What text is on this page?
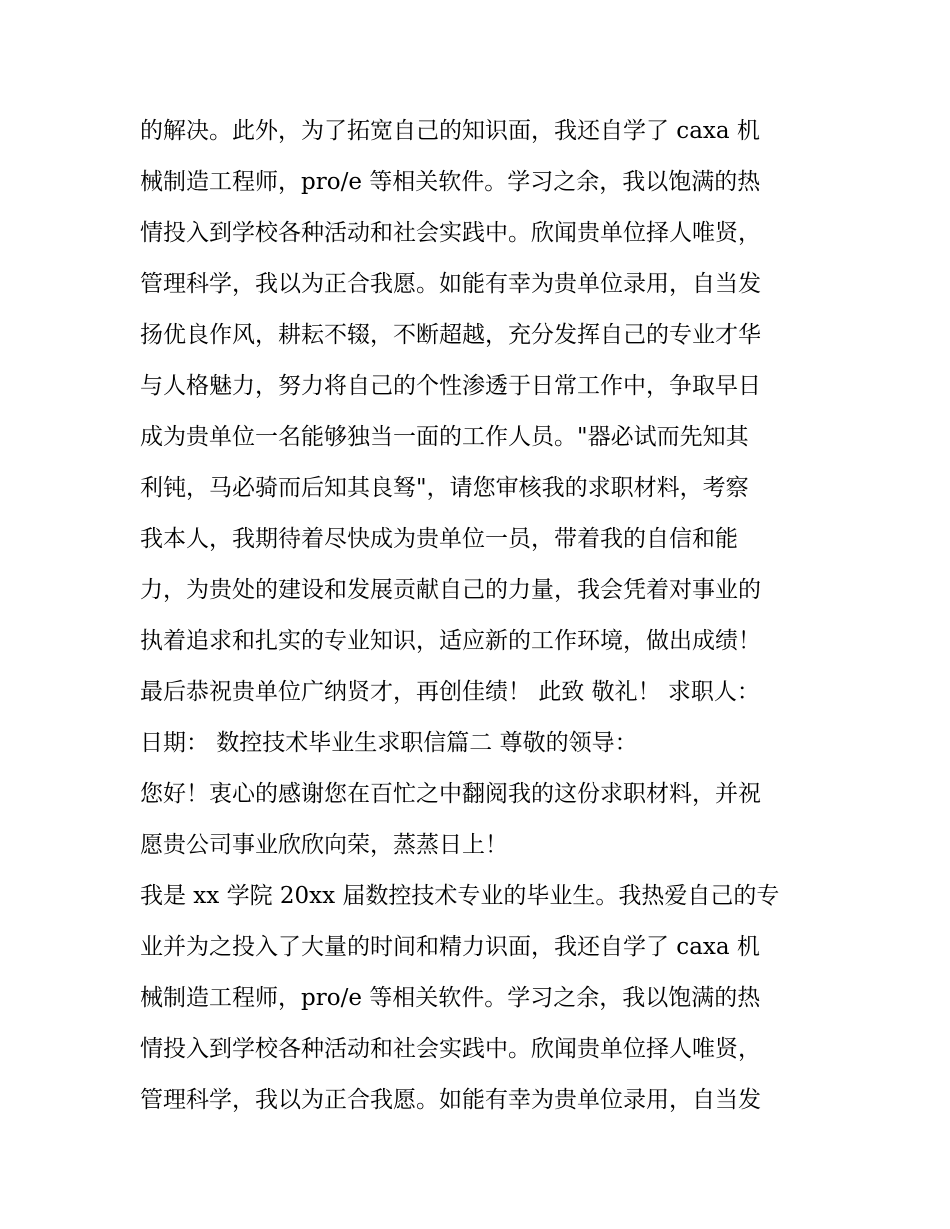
的解决。此外，为了拓宽自己的知识面，我还自学了 caxa 机
械制造工程师，pro/e 等相关软件。学习之余，我以饱满的热
情投入到学校各种活动和社会实践中。欣闻贵单位择人唯贤，
管理科学，我以为正合我愿。如能有幸为贵单位录用，自当发
扬优良作风，耕耘不辍，不断超越，充分发挥自己的专业才华
与人格魅力，努力将自己的个性渗透于日常工作中，争取早日
成为贵单位一名能够独当一面的工作人员。"器必试而先知其
利钝，马必骑而后知其良驽"，请您审核我的求职材料，考察
我本人，我期待着尽快成为贵单位一员，带着我的自信和能
力，为贵处的建设和发展贡献自己的力量，我会凭着对事业的
执着追求和扎实的专业知识，适应新的工作环境，做出成绩！
最后恭祝贵单位广纳贤才，再创佳绩！ 此致 敬礼！ 求职人：
日期： 数控技术毕业生求职信篇二 尊敬的领导：
您好！衷心的感谢您在百忙之中翻阅我的这份求职材料，并祝
愿贵公司事业欣欣向荣，蒸蒸日上！
我是 xx 学院 20xx 届数控技术专业的毕业生。我热爱自己的专
业并为之投入了大量的时间和精力识面，我还自学了 caxa 机
械制造工程师，pro/e 等相关软件。学习之余，我以饱满的热
情投入到学校各种活动和社会实践中。欣闻贵单位择人唯贤，
管理科学，我以为正合我愿。如能有幸为贵单位录用，自当发
